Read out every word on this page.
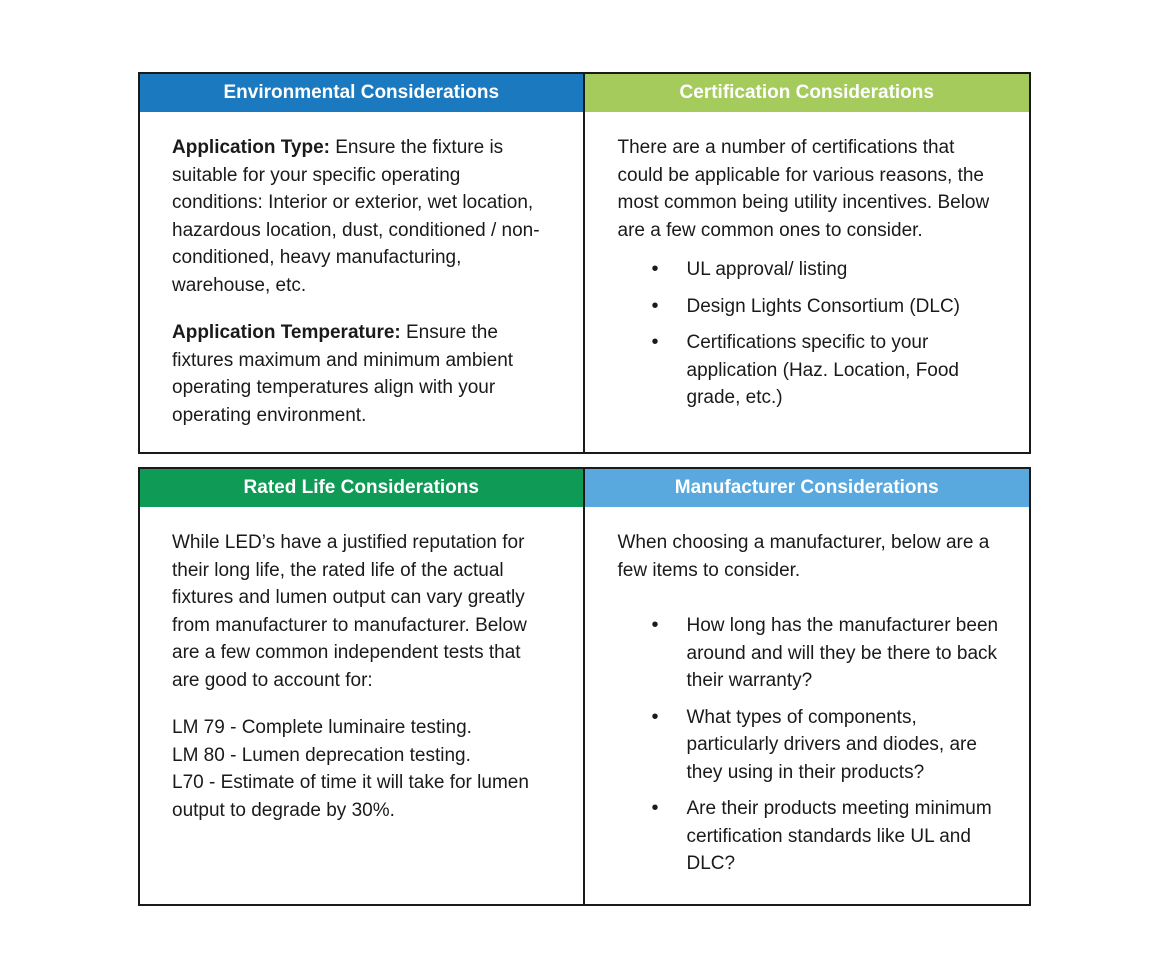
Environmental Considerations

Application Type: Ensure the fixture is suitable for your specific operating conditions: Interior or exterior, wet location, hazardous location, dust, conditioned / non- conditioned, heavy manufacturing, warehouse, etc.

Application Temperature: Ensure the fixtures maximum and minimum ambient operating temperatures align with your operating environment.

Certification Considerations

There are a number of certifications that could be applicable for various reasons, the most common being utility incentives. Below are a few common ones to consider.

• UL approval/ listing
• Design Lights Consortium (DLC)
• Certifications specific to your application (Haz. Location, Food grade, etc.)
Rated Life Considerations

While LED’s have a justified reputation for their long life, the rated life of the actual fixtures and lumen output can vary greatly from manufacturer to manufacturer. Below are a few common independent tests that are good to account for:

LM 79 - Complete luminaire testing.
LM 80 - Lumen deprecation testing.
L70 - Estimate of time it will take for lumen output to degrade by 30%.
Manufacturer Considerations

When choosing a manufacturer, below are a few items to consider.

• How long has the manufacturer been around and will they be there to back their warranty?
• What types of components, particularly drivers and diodes, are they using in their products?
• Are their products meeting minimum certification standards like UL and DLC?
